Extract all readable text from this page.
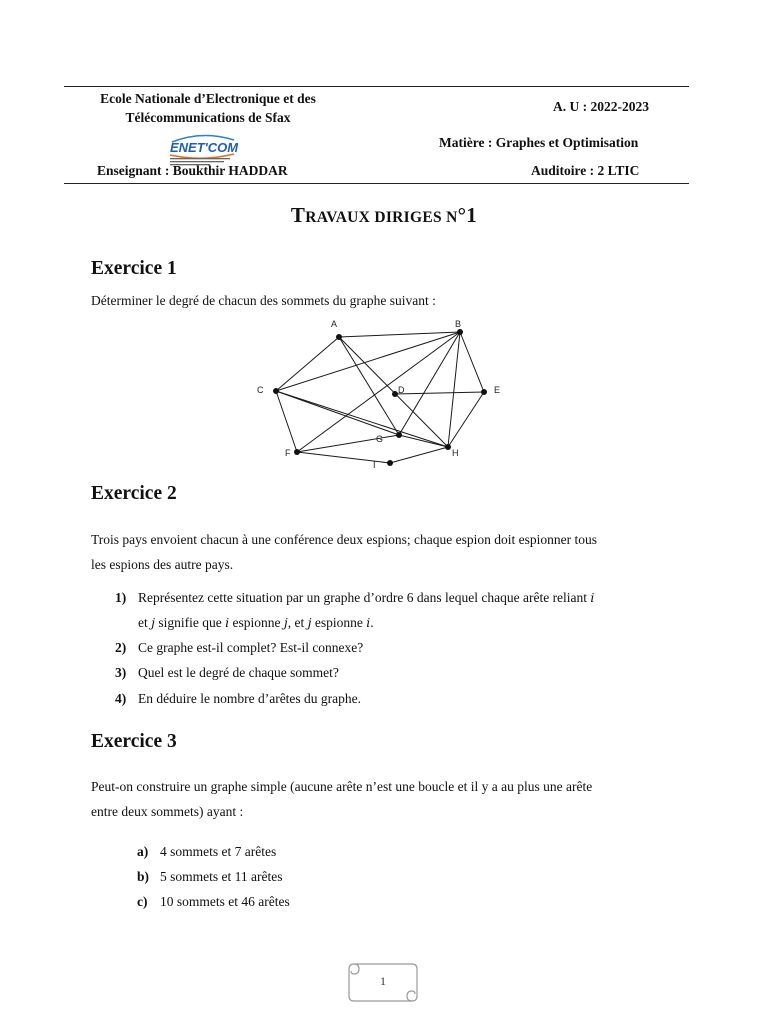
Ecole Nationale d’Electronique et des
Télécommunications de Sfax
ENET'COM
A. U : 2022-2023
Matière : Graphes et Optimisation
Enseignant : Boukthir HADDAR	Auditoire : 2 LTIC
TRAVAUX DIRIGES N°1
Exercice 1
Déterminer le degré de chacun des sommets du graphe suivant :
A	B
C	D	E
F
G
H
I
Exercice 2
Trois pays envoient chacun à une conférence deux espions; chaque espion doit espionner tous
les espions des autre pays.
1) Représentez cette situation par un graphe d’ordre 6 dans lequel chaque arête reliant i
et j signifie que i espionne j, et j espionne i.
2) Ce graphe est-il complet? Est-il connexe?
3) Quel est le degré de chaque sommet?
4) En déduire le nombre d’arêtes du graphe.
Exercice 3
Peut-on construire un graphe simple (aucune arête n’est une boucle et il y a au plus une arête
entre deux sommets) ayant :
a) 4 sommets et 7 arêtes
b) 5 sommets et 11 arêtes
c) 10 sommets et 46 arêtes
1
